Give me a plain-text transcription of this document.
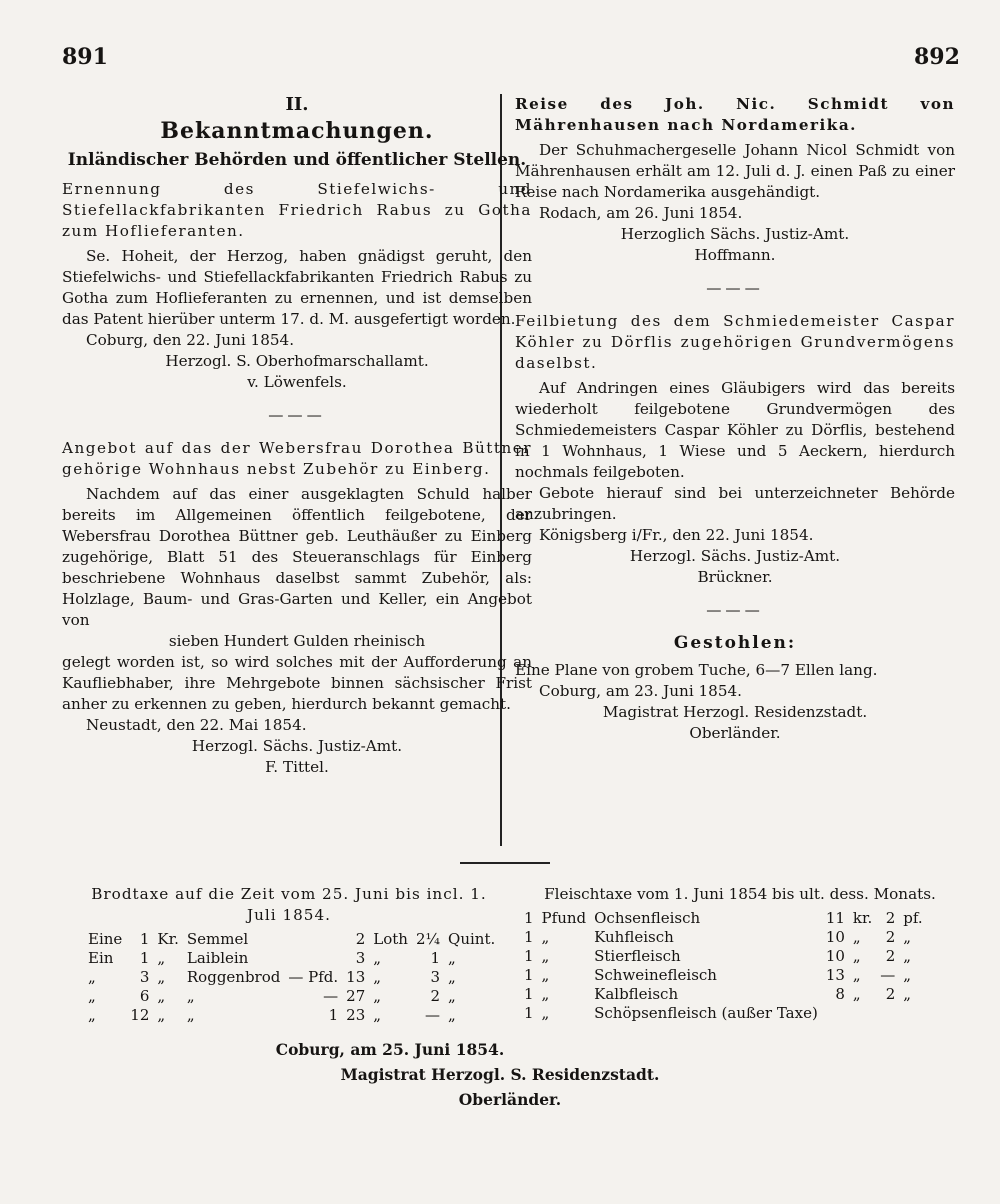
891	892
II.
Bekanntmachungen.
Inländischer Behörden und öffentlicher Stellen.
Ernennung des Stiefelwichs- und Stiefellackfabrikanten Friedrich Rabus zu Gotha zum Hoflieferanten.

Se. Hoheit, der Herzog, haben gnädigst geruht, den Stiefelwichs- und Stiefellackfabrikanten Friedrich Rabus zu Gotha zum Hoflieferanten zu ernennen, und ist demselben das Patent hierüber unterm 17. d. M. ausgefertigt worden.

Coburg, den 22. Juni 1854.

Herzogl. S. Oberhofmarschallamt.

v. Löwenfels.

———
Angebot auf das der Webersfrau Dorothea Büttner gehörige Wohnhaus nebst Zubehör zu Einberg.

Nachdem auf das einer ausgeklagten Schuld halber bereits im Allgemeinen öffentlich feilgebotene, der Webersfrau Dorothea Büttner geb. Leuthäußer zu Einberg zugehörige, Blatt 51 des Steueranschlags für Einberg beschriebene Wohnhaus daselbst sammt Zubehör, als: Holzlage, Baum- und Gras-Garten und Keller, ein Angebot von

sieben Hundert Gulden rheinisch

gelegt worden ist, so wird solches mit der Aufforderung an Kaufliebhaber, ihre Mehrgebote binnen sächsischer Frist anher zu erkennen zu geben, hierdurch bekannt gemacht.

Neustadt, den 22. Mai 1854.

Herzogl. Sächs. Justiz-Amt.

F. Tittel.

Reise des Joh. Nic. Schmidt von Mährenhausen nach Nordamerika.

Der Schuhmachergeselle Johann Nicol Schmidt von Mährenhausen erhält am 12. Juli d. J. einen Paß zu einer Reise nach Nordamerika ausgehändigt.

Rodach, am 26. Juni 1854.

Herzoglich Sächs. Justiz-Amt.

Hoffmann.

———
Feilbietung des dem Schmiedemeister Caspar Köhler zu Dörflis zugehörigen Grundvermögens daselbst.

Auf Andringen eines Gläubigers wird das bereits wiederholt feilgebotene Grundvermögen des Schmiedemeisters Caspar Köhler zu Dörflis, bestehend in 1 Wohnhaus, 1 Wiese und 5 Aeckern, hierdurch nochmals feilgeboten.

Gebote hierauf sind bei unterzeichneter Behörde anzubringen.

Königsberg i/Fr., den 22. Juni 1854.

Herzogl. Sächs. Justiz-Amt.

Brückner.

———
Gestohlen:

Eine Plane von grobem Tuche, 6—7 Ellen lang.

Coburg, am 23. Juni 1854.

Magistrat Herzogl. Residenzstadt.

Oberländer.

Brodtaxe auf die Zeit vom 25. Juni bis incl. 1. Juli 1854.
Eine	1	Kr.	Semmel		2	Loth	2¼	Quint.
Ein	1	„	Laiblein		3	„	1	„
„	3	„	Roggenbrod	— Pfd.	13	„	3	„
„	6	„	„	—	27	„	2	„
„	12	„	„	1	23	„	—	„
Fleischtaxe vom 1. Juni 1854 bis ult. dess. Monats.
1	Pfund	Ochsenfleisch	11	kr.	2	pf.
1	„	Kuhfleisch	10	„	2	„
1	„	Stierfleisch	10	„	2	„
1	„	Schweinefleisch	13	„	—	„
1	„	Kalbfleisch	8	„	2	„
1	„	Schöpsenfleisch (außer Taxe)				
Coburg, am 25. Juni 1854.
Magistrat Herzogl. S. Residenzstadt.
Oberländer.
